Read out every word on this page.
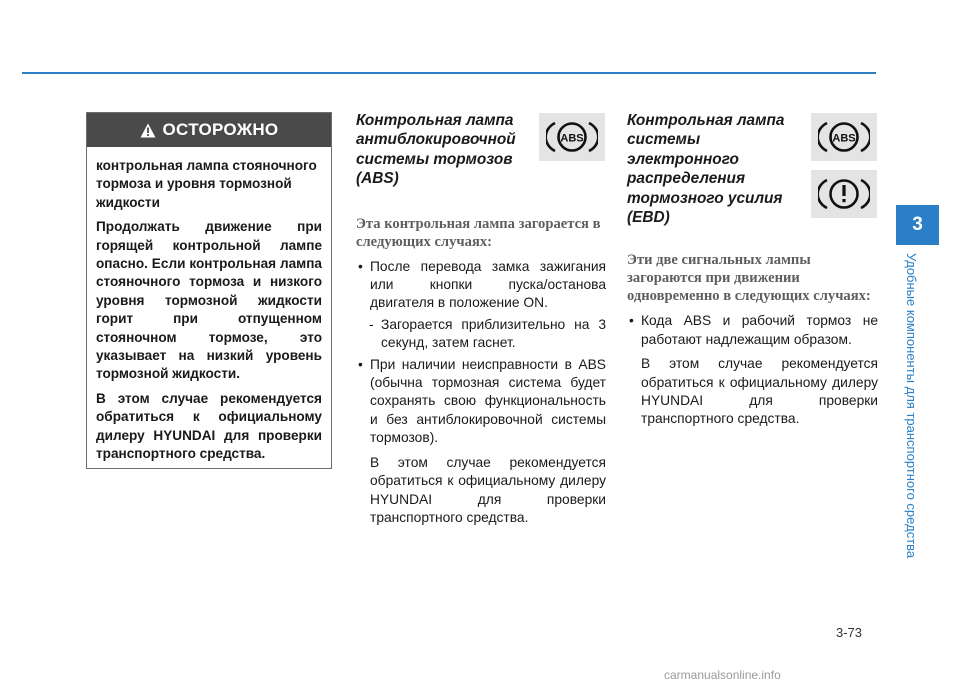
ОСТОРОЖНО

контрольная лампа стояночного тормоза и уровня тормозной жидкости

Продолжать движение при горящей контрольной лампе опасно. Если контрольная лампа стояночного тормоза и низкого уровня тормозной жидкости горит при отпущенном стояночном тормозе, это указывает на низкий уровень тормозной жидкости.

В этом случае рекомендуется обратиться к официальному дилеру HYUNDAI для проверки транспортного средства.

Контрольная лампа антиблокировочной системы тормозов (ABS)
Эта контрольная лампа загорается в следующих случаях:

• После перевода замка зажигания или кнопки пуска/останова двигателя в положение ON.

- Загорается приблизительно на 3 секунд, затем гаснет.

• При наличии неисправности в ABS (обычна тормозная система будет сохранять свою функциональность и без антиблокировочной системы тормозов).

В этом случае рекомендуется обратиться к официальному дилеру HYUNDAI для проверки транспортного средства.

ABS
Контрольная лампа системы электронного распределения тормозного усилия (EBD)
Эти две сигнальных лампы загораются при движении одновременно в следующих случаях:

• Кода ABS и рабочий тормоз не работают надлежащим образом.

В этом случае рекомендуется обратиться к официальному дилеру HYUNDAI для проверки транспортного средства.

ABS
3
Удобные компоненты для транспортного средства
3-73
carmanualsonline.info
